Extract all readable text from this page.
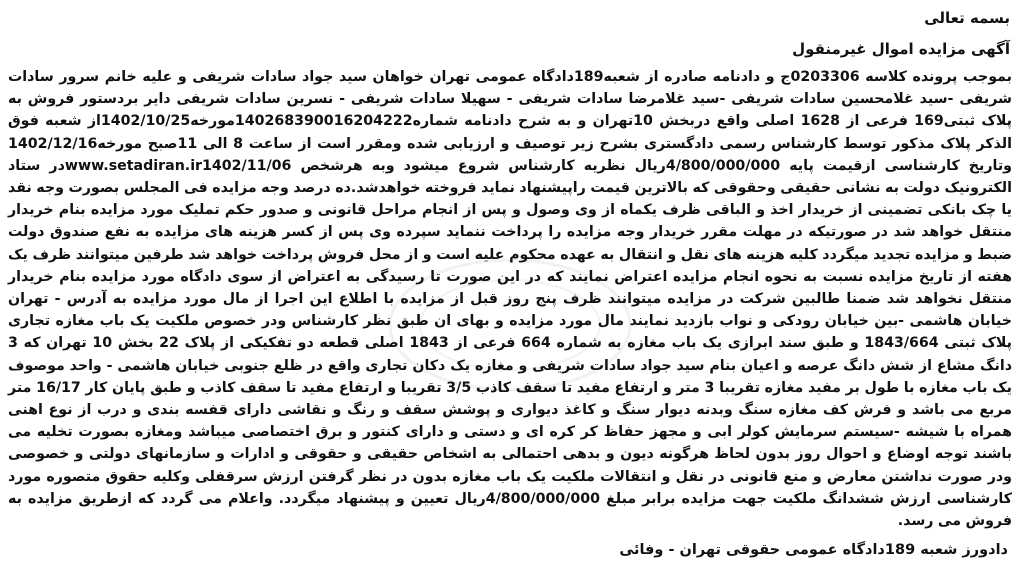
بسمه تعالی

آگهی مزایده اموال غیرمنقول

بموجب پرونده کلاسه 0203306ج و دادنامه صادره از شعبه189دادگاه عمومی تهران خواهان سید جواد سادات شریفی و علیه خانم سرور سادات شریفی -سید غلامحسین سادات شریفی -سید غلامرضا سادات شریفی - سهیلا سادات شریفی - نسرین سادات شریفی دایر بردستور فروش به پلاک ثبتی169 فرعی از 1628 اصلی واقع دربخش 10تهران و به شرح دادنامه شماره140268390016204222مورخه1402/10/25از شعبه فوق الذکر پلاک مذکور توسط کارشناس رسمی دادگستری بشرح زیر توصیف و ارزیابی شده ومقرر است از ساعت 8 الی 11صبح مورخه1402/12/16 وتاریخ کارشناسی ازقیمت پایه 4/800/000/000ریال نظریه کارشناس شروع میشود وبه هرشخص www.setadiran.ir1402/11/06در ستاد الکترونیک دولت به نشانی حقیقی وحقوقی که بالاترین قیمت راپیشنهاد نماید فروخته خواهدشد.ده درصد وجه مزایده فی المجلس بصورت وجه نقد یا چک بانکی تضمینی از خریدار اخذ و الباقی ظرف یکماه از وی وصول و پس از انجام مراحل قانونی و صدور حکم تملیک مورد مزایده بنام خریدار منتقل خواهد شد در صورتیکه در مهلت مقرر خریدار وجه مزایده را پرداخت ننماید سپرده وی پس از کسر هزینه های مزایده به نفع صندوق دولت ضبط و مزایده تجدید میگردد کلیه هزینه های نقل و انتقال به عهده محکوم علیه است و از محل فروش پرداخت خواهد شد طرفین میتوانند ظرف یک هفته از تاریخ مزایده نسبت به نحوه انجام مزایده اعتراض نمایند که در این صورت تا رسیدگی به اعتراض از سوی دادگاه مورد مزایده بنام خریدار منتقل نخواهد شد ضمنا طالبین شرکت در مزایده میتوانند ظرف پنج روز قبل از مزایده با اطلاع این اجرا از مال مورد مزایده به آدرس - تهران خیابان هاشمی -بین خیابان رودکی و نواب بازدید نمایند مال مورد مزایده و بهای ان طبق نظر کارشناس ودر خصوص ملکیت یک باب مغازه تجاری پلاک ثبتی 1843/664 و طبق سند ابرازی یک باب مغازه به شماره 664 فرعی از 1843 اصلی قطعه دو تفکیکی از پلاک 22 بخش 10 تهران که 3 دانگ مشاع از شش دانگ عرصه و اعیان بنام سید جواد سادات شریفی و مغازه یک دکان تجاری واقع در ظلع جنوبی خیابان هاشمی - واحد موصوف یک باب مغازه با طول بر مفید مغازه تقریبا 3 متر و ارتفاع مفید تا سقف کاذب 3/5 تقریبا و ارتفاع مفید تا سقف کاذب و طبق پایان کار 16/17 متر مربع می باشد و فرش کف مغازه سنگ وبدنه دیوار سنگ و کاغذ دیواری و پوشش سقف و رنگ و نقاشی دارای قفسه بندی و درب از نوع اهنی همراه با شیشه -سیستم سرمایش کولر ابی و مجهز حفاظ کر کره ای و دستی و دارای کنتور و برق اختصاصی میباشد ومغازه بصورت تخلیه می باشند توجه اوضاع و احوال روز بدون لحاظ هرگونه دیون و بدهی احتمالی به اشخاص حقیقی و حقوقی و ادارات و سازمانهای دولتی و خصوصی ودر صورت نداشتن معارض و منع قانونی در نقل و انتقالات ملکیت یک باب مغازه بدون در نظر گرفتن ارزش سرقفلی وکلیه حقوق متصوره مورد کارشناسی ارزش ششدانگ ملکیت جهت مزایده برابر مبلغ 4/800/000/000ریال تعیین و پیشنهاد میگردد. واعلام می گردد که ازطریق مزایده به فروش می رسد.

دادورز شعبه 189دادگاه عمومی حقوقی تهران - وفائی
